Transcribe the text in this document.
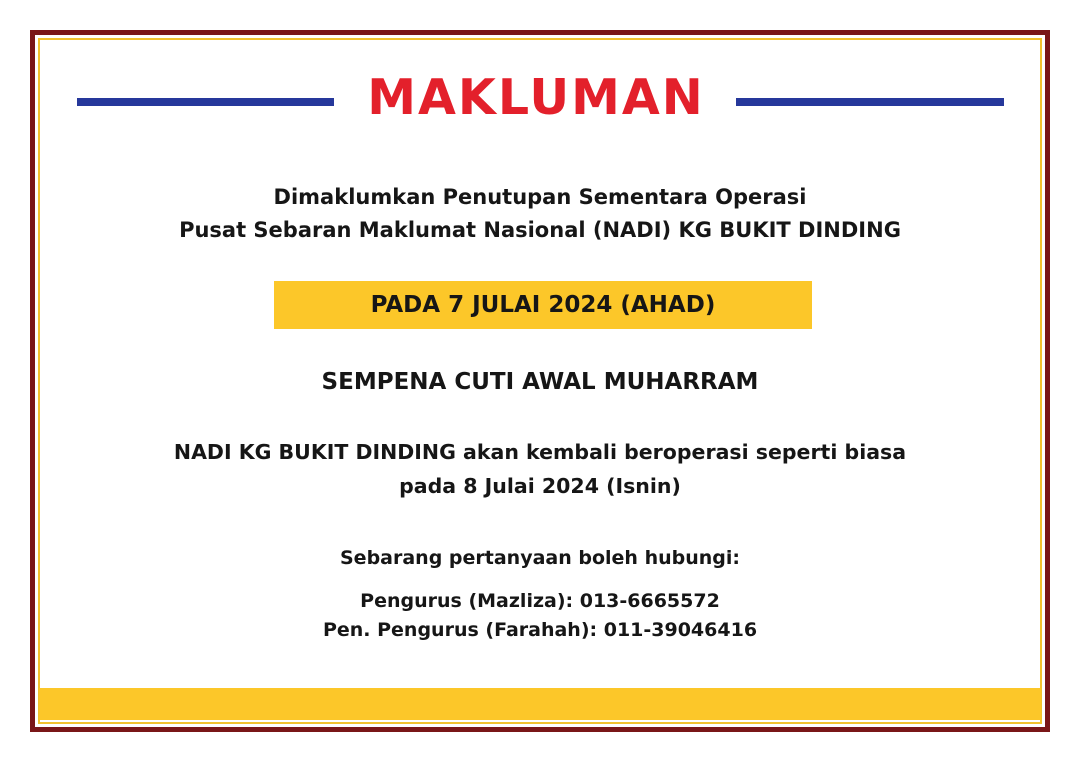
MAKLUMAN
Dimaklumkan Penutupan Sementara Operasi
Pusat Sebaran Maklumat Nasional (NADI) KG BUKIT DINDING
PADA 7 JULAI 2024 (AHAD)
SEMPENA CUTI AWAL MUHARRAM
NADI KG BUKIT DINDING akan kembali beroperasi seperti biasa
pada 8 Julai 2024 (Isnin)
Sebarang pertanyaan boleh hubungi:
Pengurus (Mazliza): 013-6665572
Pen. Pengurus (Farahah): 011-39046416
